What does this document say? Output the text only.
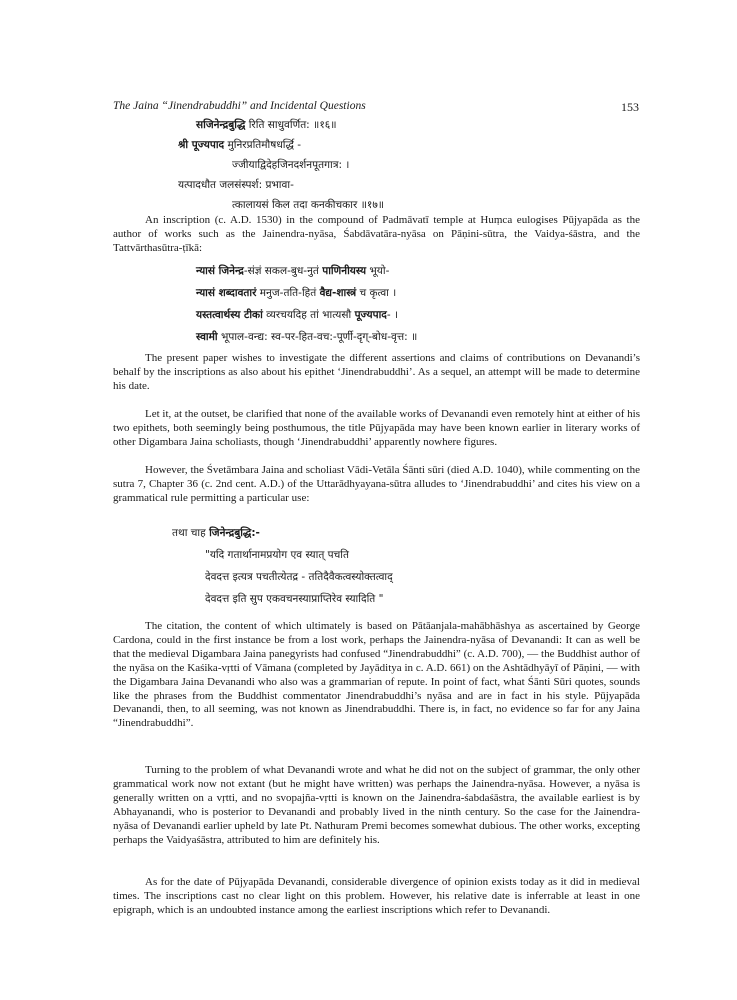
The Jaina “Jinendrabuddhi” and Incidental Questions	153
सजिनेन्द्रबुद्धि रिति साधुवर्णित: ॥१६॥
श्री पूज्यपाद मुनिरप्रतिमौषधर्द्धि -
ज्जीयाद्विदेहजिनदर्शनपूतगात्र: ।
यत्पादधौत जलसंस्पर्श: प्रभावा-
त्कालायसं किल तदा कनकीचकार ॥१७॥

An inscription (c. A.D. 1530) in the compound of Padmāvatī temple at Huṃca eulogises Pūjyapāda as the author of works such as the Jainendra-nyāsa, Śabdāvatāra-nyāsa on Pāṇini-sūtra, the Vaidya-śāstra, and the Tattvārthasūtra-ṭīkā:

न्यासं जिनेन्द्र-संज्ञं सकल-बुध-नुतं पाणिनीयस्य भूयो-
न्यासं शब्दावतारं मनुज-तति-हितं वैद्य-शास्त्रं च कृत्वा ।
यस्तत्वार्थस्य टीकां व्यरचयदिह तां भात्यसौ पूज्यपाद- ।
स्वामी भूपाल-वन्द्य: स्व-पर-हित-वच:-पूर्णी-दृग्-बोध-वृत्त: ॥

The present paper wishes to investigate the different assertions and claims of contributions on Devanandi’s behalf by the inscriptions as also about his epithet ‘Jinendrabuddhi’. As a sequel, an attempt will be made to determine his date.

Let it, at the outset, be clarified that none of the available works of Devanandi even remotely hint at either of his two epithets, both seemingly being posthumous, the title Pūjyapāda may have been known earlier in literary works of other Digambara Jaina scholiasts, though ‘Jinendrabuddhi’ apparently nowhere figures.

However, the Śvetāmbara Jaina and scholiast Vādi-Vetāla Śānti sūri (died A.D. 1040), while commenting on the sutra 7, Chapter 36 (c. 2nd cent. A.D.) of the Uttarādhyayana-sūtra alludes to ‘Jinendrabuddhi’ and cites his view on a grammatical rule permitting a particular use:

तथा चाह जिनेन्द्रबुद्धि:-
"यदि गतार्थानामप्रयोग एव स्यात् पचति
देवदत्त इत्यत्र पचतीत्येतद्र - ततिदैवैकत्वस्योक्तत्वाद्
देवदत्त इति सुप एकवचनस्याप्राप्तिरेव स्यादिति "

The citation, the content of which ultimately is based on Pātāanjala-mahābhāshya as ascertained by George Cardona, could in the first instance be from a lost work, perhaps the Jainendra-nyāsa of Devanandi: It can as well be that the medieval Digambara Jaina panegyrists had confused “Jinendrabuddhi” (c. A.D. 700), — the Buddhist author of the nyāsa on the Kaśika-vṛtti of Vāmana (completed by Jayāditya in c. A.D. 661) on the Ashtādhyāyī of Pāṇini, — with the Digambara Jaina Devanandi who also was a grammarian of repute. In point of fact, what Śānti Sūri quotes, sounds like the phrases from the Buddhist commentator Jinendrabuddhi’s nyāsa and are in fact in his style. Pūjyapāda Devanandi, then, to all seeming, was not known as Jinendrabuddhi. There is, in fact, no evidence so far for any Jaina “Jinendrabuddhi”.

Turning to the problem of what Devanandi wrote and what he did not on the subject of grammar, the only other grammatical work now not extant (but he might have written) was perhaps the Jainendra-nyāsa. However, a nyāsa is generally written on a vṛtti, and no svopajña-vṛtti is known on the Jainendra-śabdaśāstra, the available earliest is by Abhayanandi, who is posterior to Devanandi and probably lived in the ninth century. So the case for the Jainendra-nyāsa of Devanandi earlier upheld by late Pt. Nathuram Premi becomes somewhat dubious. The other works, excepting perhaps the Vaidyaśāstra, attributed to him are definitely his.

As for the date of Pūjyapāda Devanandi, considerable divergence of opinion exists today as it did in medieval times. The inscriptions cast no clear light on this problem. However, his relative date is inferrable at least in one epigraph, which is an undoubted instance among the earliest inscriptions which refer to Devanandi.
